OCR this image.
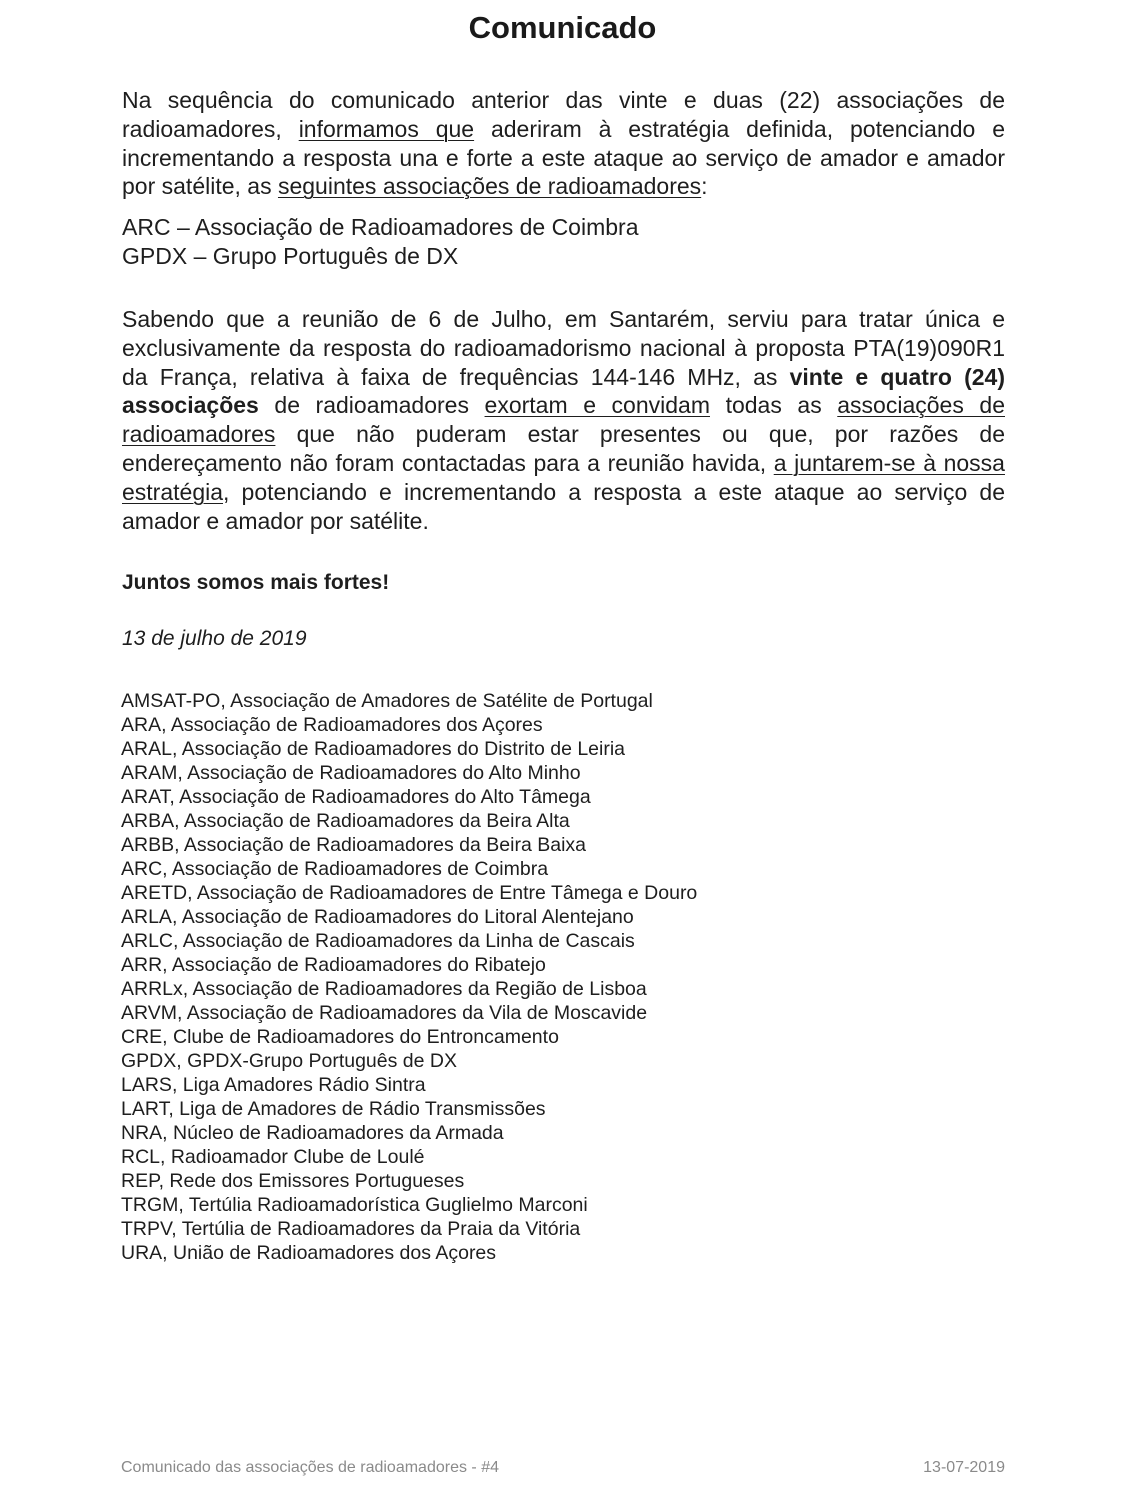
Comunicado

Na sequência do comunicado anterior das vinte e duas (22) associações de radioamadores, informamos que aderiram à estratégia definida, potenciando e incrementando a resposta una e forte a este ataque ao serviço de amador e amador por satélite, as seguintes associações de radioamadores:

ARC – Associação de Radioamadores de Coimbra
GPDX – Grupo Português de DX

Sabendo que a reunião de 6 de Julho, em Santarém, serviu para tratar única e exclusivamente da resposta do radioamadorismo nacional à proposta PTA(19)090R1 da França, relativa à faixa de frequências 144-146 MHz, as vinte e quatro (24) associações de radioamadores exortam e convidam todas as associações de radioamadores que não puderam estar presentes ou que, por razões de endereçamento não foram contactadas para a reunião havida, a juntarem-se à nossa estratégia, potenciando e incrementando a resposta a este ataque ao serviço de amador e amador por satélite.

Juntos somos mais fortes!
13 de julho de 2019
AMSAT-PO, Associação de Amadores de Satélite de Portugal
ARA, Associação de Radioamadores dos Açores
ARAL, Associação de Radioamadores do Distrito de Leiria
ARAM, Associação de Radioamadores do Alto Minho
ARAT, Associação de Radioamadores do Alto Tâmega
ARBA, Associação de Radioamadores da Beira Alta
ARBB, Associação de Radioamadores da Beira Baixa
ARC, Associação de Radioamadores de Coimbra
ARETD, Associação de Radioamadores de Entre Tâmega e Douro
ARLA, Associação de Radioamadores do Litoral Alentejano
ARLC, Associação de Radioamadores da Linha de Cascais
ARR, Associação de Radioamadores do Ribatejo
ARRLx, Associação de Radioamadores da Região de Lisboa
ARVM, Associação de Radioamadores da Vila de Moscavide
CRE, Clube de Radioamadores do Entroncamento
GPDX, GPDX-Grupo Português de DX
LARS, Liga Amadores Rádio Sintra
LART, Liga de Amadores de Rádio Transmissões
NRA, Núcleo de Radioamadores da Armada
RCL, Radioamador Clube de Loulé
REP, Rede dos Emissores Portugueses
TRGM, Tertúlia Radioamadorística Guglielmo Marconi
TRPV, Tertúlia de Radioamadores da Praia da Vitória
URA, União de Radioamadores dos Açores
Comunicado das associações de radioamadores - #4	13-07-2019
